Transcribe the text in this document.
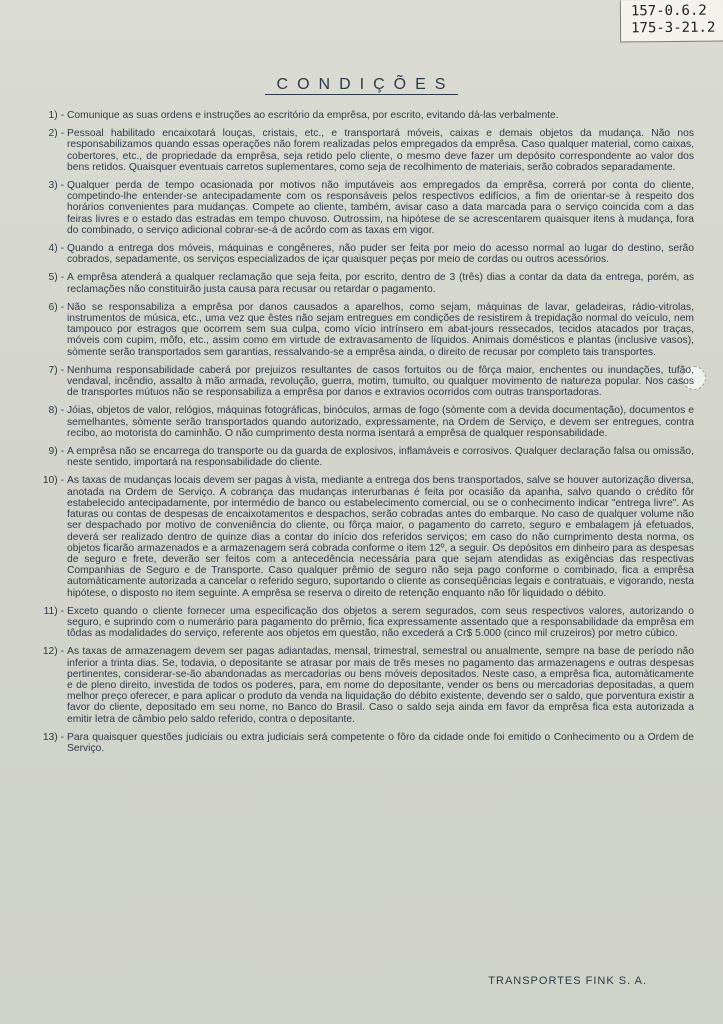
157-0.6.2
175-3-21.2
CONDIÇÕES
1) - Comunique as suas ordens e instruções ao escritório da emprêsa, por escrito, evitando dá-las verbalmente.
2) - Pessoal habilitado encaixotará louças, cristais, etc., e transportará móveis, caixas e demais objetos da mudança. Não nos responsabilizamos quando essas operações não forem realizadas pelos empregados da emprêsa. Caso qualquer material, como caixas, cobertores, etc., de propriedade da emprêsa, seja retido pelo cliente, o mesmo deve fazer um depósito correspondente ao valor dos bens retidos. Quaisquer eventuais carretos suplementares, como seja de recolhimento de materiais, serão cobrados separadamente.
3) - Qualquer perda de tempo ocasionada por motivos não imputáveis aos empregados da emprêsa, correrá por conta do cliente, competindo-lhe entender-se antecipadamente com os responsáveis pelos respectivos edifícios, a fim de orientar-se à respeito dos horários convenientes para mudanças. Compete ao cliente, também, avisar caso a data marcada para o serviço coincida com a das feiras livres e o estado das estradas em tempo chuvoso. Outrossim, na hipótese de se acrescentarem quaisquer itens à mudança, fora do combinado, o serviço adicional cobrar-se-á de acôrdo com as taxas em vigor.
4) - Quando a entrega dos móveis, máquinas e congêneres, não puder ser feita por meio do acesso normal ao lugar do destino, serão cobrados, sepadamente, os serviços especializados de içar quaisquer peças por meio de cordas ou outros acessórios.
5) - A emprêsa atenderá a qualquer reclamação que seja feita, por escrito, dentro de 3 (três) dias a contar da data da entrega, porém, as reclamações não constituirão justa causa para recusar ou retardar o pagamento.
6) - Não se responsabiliza a emprêsa por danos causados a aparelhos, como sejam, máquinas de lavar, geladeiras, rádio-vitrolas, instrumentos de música, etc., uma vez que êstes não sejam entregues em condições de resistirem à trepidação normal do veículo, nem tampouco por estragos que ocorrem sem sua culpa, como vício intrínsero em abat-jours ressecados, tecidos atacados por traças, móveis com cupim, môfo, etc., assim como em virtude de extravasamento de líquidos. Animais domésticos e plantas (inclusive vasos), sòmente serão transportados sem garantias, ressalvando-se a emprêsa ainda, o direito de recusar por completo tais transportes.
7) - Nenhuma responsabilidade caberá por prejuizos resultantes de casos fortuitos ou de fôrça maior, enchentes ou inundações, tufão, vendaval, incêndio, assalto à mão armada, revolução, guerra, motim, tumulto, ou qualquer movimento de natureza popular. Nos casos de transportes mútuos não se responsabiliza a emprêsa por danos e extravios ocorridos com outras transportadoras.
8) - Jóias, objetos de valor, relógios, máquinas fotográficas, binóculos, armas de fogo (sòmente com a devida documentação), documentos e semelhantes, sòmente serão transportados quando autorizado, expressamente, na Ordem de Serviço, e devem ser entregues, contra recibo, ao motorista do caminhão. O não cumprimento desta norma isentará a emprêsa de qualquer responsabilidade.
9) - A emprêsa não se encarrega do transporte ou da guarda de explosivos, inflamáveis e corrosivos. Qualquer declaração falsa ou omissão, neste sentido, importará na responsabilidade do cliente.
10) - As taxas de mudanças locais devem ser pagas à vista, mediante a entrega dos bens transportados, salve se houver autorização diversa, anotada na Ordem de Serviço. A cobrança das mudanças interurbanas é feita por ocasião da apanha, salvo quando o crédito fôr estabelecido antecipadamente, por intermédio de banco ou estabelecimento comercial, ou se o conhecimento indicar "entrega livre". As faturas ou contas de despesas de encaixotamentos e despachos, serão cobradas antes do embarque. No caso de qualquer volume não ser despachado por motivo de conveniência do cliente, ou fôrça maior, o pagamento do carreto, seguro e embalagem já efetuados, deverá ser realizado dentro de quinze dias a contar do início dos referidos serviços; em caso do não cumprimento desta norma, os objetos ficarão armazenados e a armazenagem será cobrada conforme o item 12º, a seguir. Os depósitos em dinheiro para as despesas de seguro e frete, deverão ser feitos com a antecedência necessária para que sejam atendidas as exigências das respectivas Companhias de Seguro e de Transporte. Caso qualquer prêmio de seguro não seja pago conforme o combinado, fica a emprêsa automàticamente autorizada a cancelar o referido seguro, suportando o cliente as conseqüências legais e contratuais, e vigorando, nesta hipótese, o disposto no item seguinte. A emprêsa se reserva o direito de retenção enquanto não fôr liquidado o débito.
11) - Exceto quando o cliente fornecer uma especificação dos objetos a serem segurados, com seus respectivos valores, autorizando o seguro, e suprindo com o numerário para pagamento do prêmio, fica expressamente assentado que a responsabilidade da emprêsa em tôdas as modalidades do serviço, referente aos objetos em questão, não excederá a Cr$ 5.000 (cinco mil cruzeiros) por metro cúbico.
12) - As taxas de armazenagem devem ser pagas adiantadas, mensal, trimestral, semestral ou anualmente, sempre na base de período não inferior a trinta dias. Se, todavia, o depositante se atrasar por mais de três meses no pagamento das armazenagens e outras despesas pertinentes, considerar-se-ão abandonadas as mercadorias ou bens móveis depositados. Neste caso, a emprêsa fica, automàticamente e de pleno direito, investida de todos os poderes, para, em nome do depositante, vender os bens ou mercadorias depositadas, a quem melhor preço oferecer, e para aplicar o produto da venda na liquidação do débito existente, devendo ser o saldo, que porventura existir a favor do cliente, depositado em seu nome, no Banco do Brasil. Caso o saldo seja ainda em favor da emprêsa fica esta autorizada a emitir letra de câmbio pelo saldo referido, contra o depositante.
13) - Para quaisquer questões judiciais ou extra judiciais será competente o fôro da cidade onde foi emitido o Conhecimento ou a Ordem de Serviço.
TRANSPORTES FINK S. A.
